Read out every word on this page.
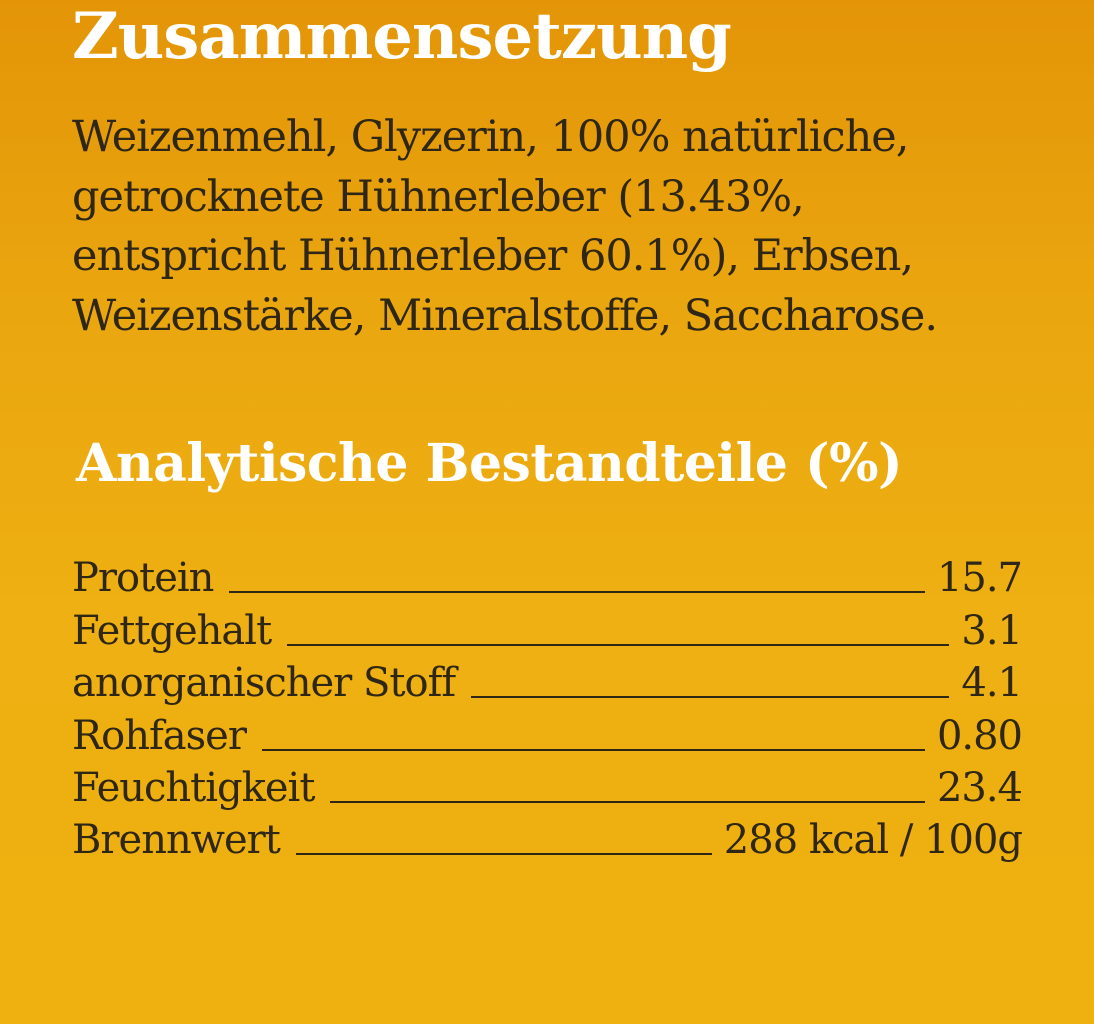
Zusammensetzung

Weizenmehl, Glyzerin, 100% natürliche, getrocknete Hühnerleber (13.43%, entspricht Hühnerleber 60.1%), Erbsen, Weizenstärke, Mineralstoffe, Saccharose.

Analytische Bestandteile (%)
Protein	15.7
Fettgehalt	3.1
anorganischer Stoff	4.1
Rohfaser	0.80
Feuchtigkeit	23.4
Brennwert	288 kcal / 100g
